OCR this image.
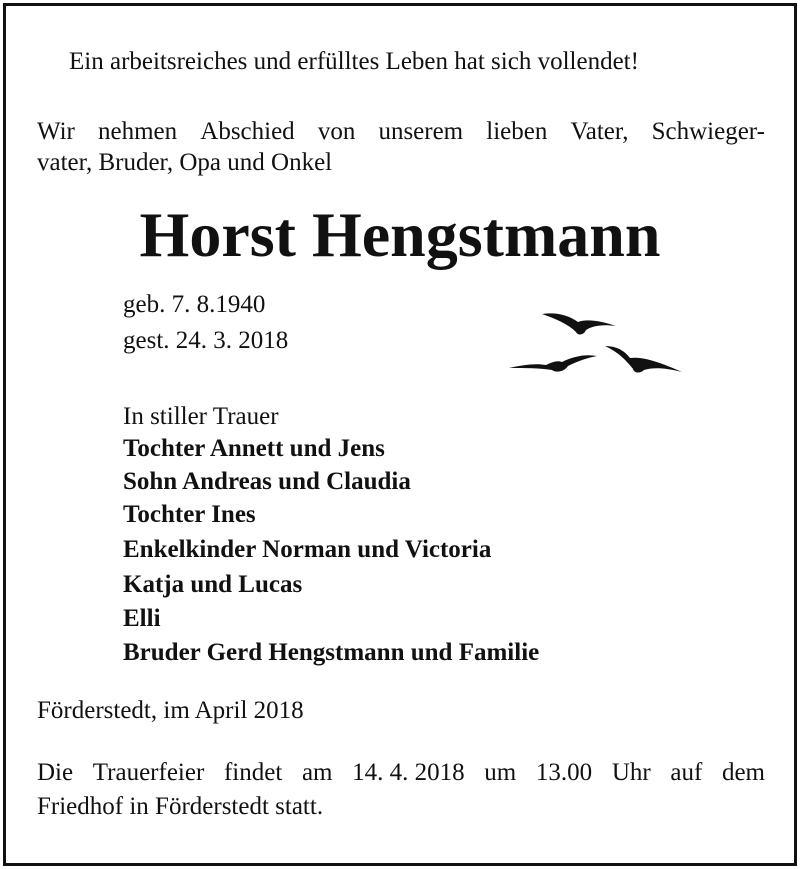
Ein arbeitsreiches und erfülltes Leben hat sich vollendet!

Wir nehmen Abschied von unserem lieben Vater, Schwieger-

vater, Bruder, Opa und Onkel

Horst Hengstmann

geb. 7. 8.1940

gest. 24. 3. 2018

In stiller Trauer

Tochter Annett und Jens

Sohn Andreas und Claudia

Tochter Ines

Enkelkinder Norman und Victoria

Katja und Lucas

Elli

Bruder Gerd Hengstmann und Familie

Förderstedt, im April 2018

Die Trauerfeier findet am 14. 4. 2018 um 13.00 Uhr auf dem

Friedhof in Förderstedt statt.
